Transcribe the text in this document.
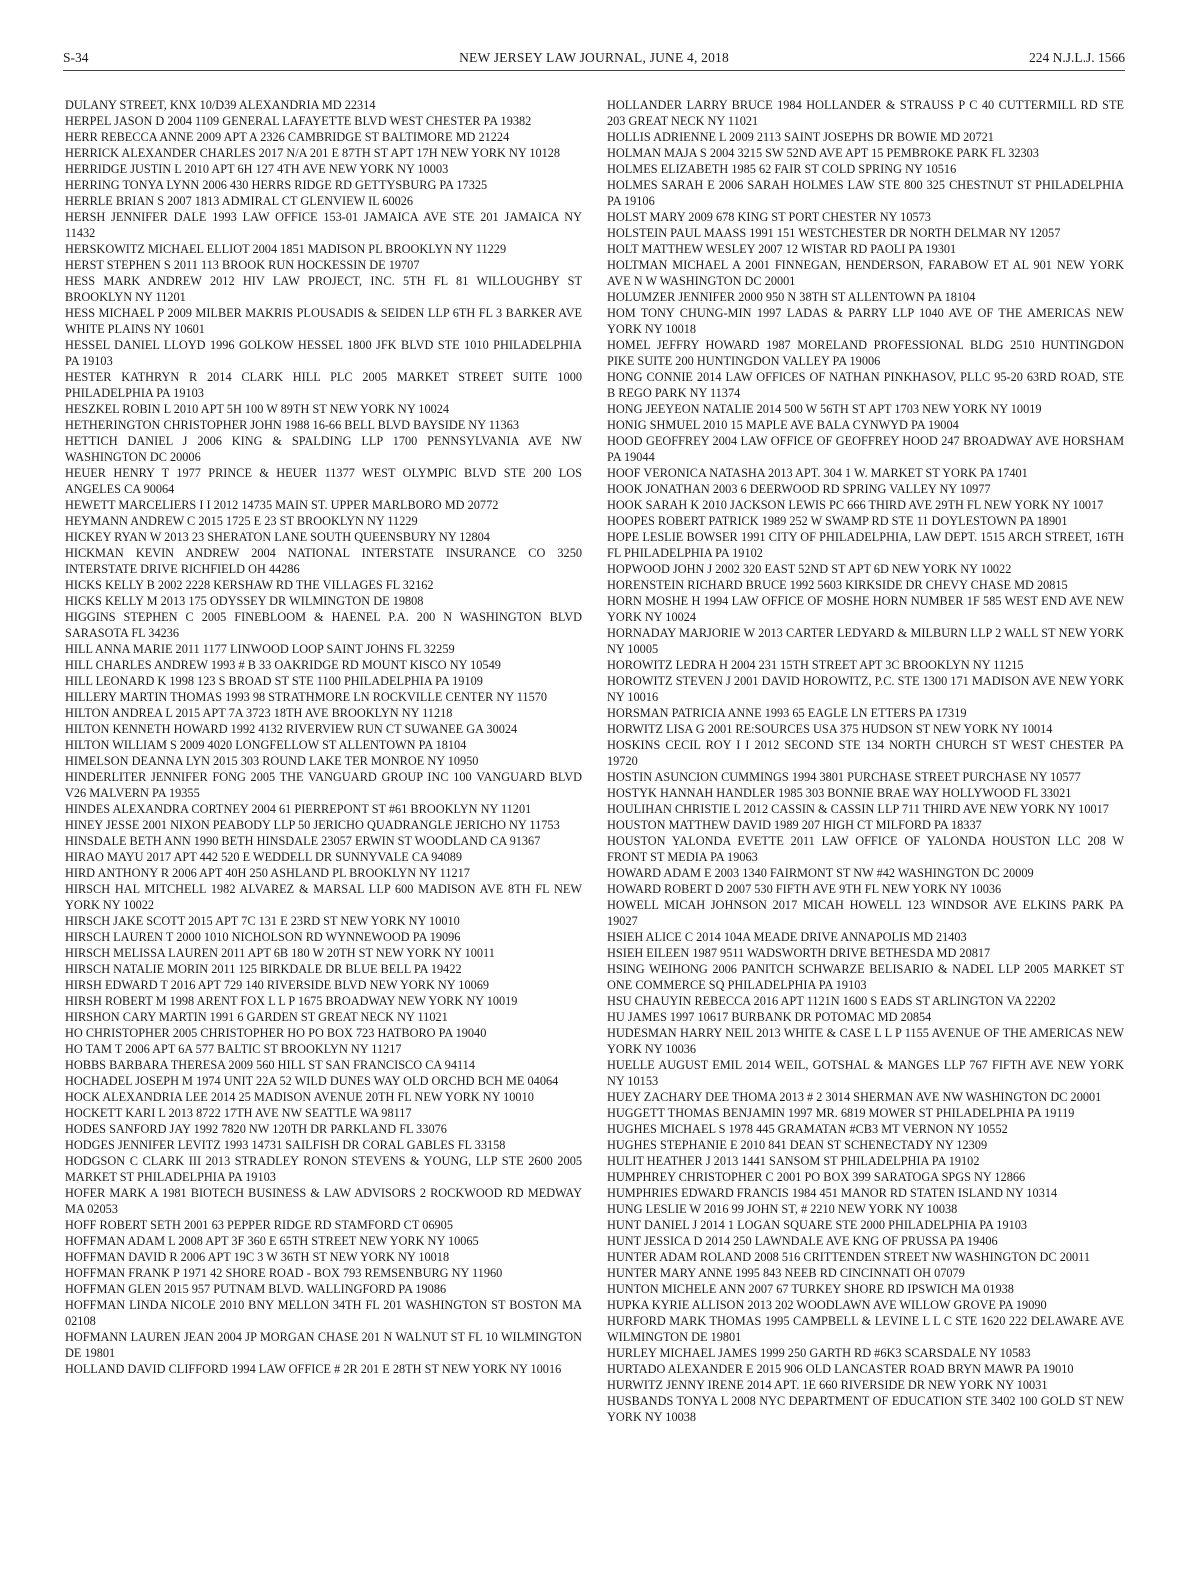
S-34	NEW JERSEY LAW JOURNAL, JUNE 4, 2018	224 N.J.L.J. 1566
DULANY STREET, KNX 10/D39 ALEXANDRIA MD 22314
HERPEL JASON D 2004 1109 GENERAL LAFAYETTE BLVD WEST CHESTER PA 19382
HERR REBECCA ANNE 2009 APT A 2326 CAMBRIDGE ST BALTIMORE MD 21224
HERRICK ALEXANDER CHARLES 2017 N/A 201 E 87TH ST APT 17H NEW YORK NY 10128
HERRIDGE JUSTIN L 2010 APT 6H 127 4TH AVE NEW YORK NY 10003
HERRING TONYA LYNN 2006 430 HERRS RIDGE RD GETTYSBURG PA 17325
HERRLE BRIAN S 2007 1813 ADMIRAL CT GLENVIEW IL 60026
HERSH JENNIFER DALE 1993 LAW OFFICE 153-01 JAMAICA AVE STE 201 JAMAICA NY 11432
HERSKOWITZ MICHAEL ELLIOT 2004 1851 MADISON PL BROOKLYN NY 11229
HERST STEPHEN S 2011 113 BROOK RUN HOCKESSIN DE 19707
HESS MARK ANDREW 2012 HIV LAW PROJECT, INC. 5TH FL 81 WILLOUGHBY ST BROOKLYN NY 11201
HESS MICHAEL P 2009 MILBER MAKRIS PLOUSADIS & SEIDEN LLP 6TH FL 3 BARKER AVE WHITE PLAINS NY 10601
HESSEL DANIEL LLOYD 1996 GOLKOW HESSEL 1800 JFK BLVD STE 1010 PHILADELPHIA PA 19103
HESTER KATHRYN R 2014 CLARK HILL PLC 2005 MARKET STREET SUITE 1000 PHILADELPHIA PA 19103
HESZKEL ROBIN L 2010 APT 5H 100 W 89TH ST NEW YORK NY 10024
HETHERINGTON CHRISTOPHER JOHN 1988 16-66 BELL BLVD BAYSIDE NY 11363
HETTICH DANIEL J 2006 KING & SPALDING LLP 1700 PENNSYLVANIA AVE NW WASHINGTON DC 20006
HEUER HENRY T 1977 PRINCE & HEUER 11377 WEST OLYMPIC BLVD STE 200 LOS ANGELES CA 90064
HEWETT MARCELIERS I I 2012 14735 MAIN ST. UPPER MARLBORO MD 20772
HEYMANN ANDREW C 2015 1725 E 23 ST BROOKLYN NY 11229
HICKEY RYAN W 2013 23 SHERATON LANE SOUTH QUEENSBURY NY 12804
HICKMAN KEVIN ANDREW 2004 NATIONAL INTERSTATE INSURANCE CO 3250 INTERSTATE DRIVE RICHFIELD OH 44286
HICKS KELLY B 2002 2228 KERSHAW RD THE VILLAGES FL 32162
HICKS KELLY M 2013 175 ODYSSEY DR WILMINGTON DE 19808
HIGGINS STEPHEN C 2005 FINEBLOOM & HAENEL P.A. 200 N WASHINGTON BLVD SARASOTA FL 34236
HILL ANNA MARIE 2011 1177 LINWOOD LOOP SAINT JOHNS FL 32259
HILL CHARLES ANDREW 1993 # B 33 OAKRIDGE RD MOUNT KISCO NY 10549
HILL LEONARD K 1998 123 S BROAD ST STE 1100 PHILADELPHIA PA 19109
HILLERY MARTIN THOMAS 1993 98 STRATHMORE LN ROCKVILLE CENTER NY 11570
HILTON ANDREA L 2015 APT 7A 3723 18TH AVE BROOKLYN NY 11218
HILTON KENNETH HOWARD 1992 4132 RIVERVIEW RUN CT SUWANEE GA 30024
HILTON WILLIAM S 2009 4020 LONGFELLOW ST ALLENTOWN PA 18104
HIMELSON DEANNA LYN 2015 303 ROUND LAKE TER MONROE NY 10950
HINDERLITER JENNIFER FONG 2005 THE VANGUARD GROUP INC 100 VANGUARD BLVD V26 MALVERN PA 19355
HINDES ALEXANDRA CORTNEY 2004 61 PIERREPONT ST #61 BROOKLYN NY 11201
HINEY JESSE 2001 NIXON PEABODY LLP 50 JERICHO QUADRANGLE JERICHO NY 11753
HINSDALE BETH ANN 1990 BETH HINSDALE 23057 ERWIN ST WOODLAND CA 91367
HIRAO MAYU 2017 APT 442 520 E WEDDELL DR SUNNYVALE CA 94089
HIRD ANTHONY R 2006 APT 40H 250 ASHLAND PL BROOKLYN NY 11217
HIRSCH HAL MITCHELL 1982 ALVAREZ & MARSAL LLP 600 MADISON AVE 8TH FL NEW YORK NY 10022
HIRSCH JAKE SCOTT 2015 APT 7C 131 E 23RD ST NEW YORK NY 10010
HIRSCH LAUREN T 2000 1010 NICHOLSON RD WYNNEWOOD PA 19096
HIRSCH MELISSA LAUREN 2011 APT 6B 180 W 20TH ST NEW YORK NY 10011
HIRSCH NATALIE MORIN 2011 125 BIRKDALE DR BLUE BELL PA 19422
HIRSH EDWARD T 2016 APT 729 140 RIVERSIDE BLVD NEW YORK NY 10069
HIRSH ROBERT M 1998 ARENT FOX L L P 1675 BROADWAY NEW YORK NY 10019
HIRSHON CARY MARTIN 1991 6 GARDEN ST GREAT NECK NY 11021
HO CHRISTOPHER 2005 CHRISTOPHER HO PO BOX 723 HATBORO PA 19040
HO TAM T 2006 APT 6A 577 BALTIC ST BROOKLYN NY 11217
HOBBS BARBARA THERESA 2009 560 HILL ST SAN FRANCISCO CA 94114
HOCHADEL JOSEPH M 1974 UNIT 22A 52 WILD DUNES WAY OLD ORCHD BCH ME 04064
HOCK ALEXANDRIA LEE 2014 25 MADISON AVENUE 20TH FL NEW YORK NY 10010
HOCKETT KARI L 2013 8722 17TH AVE NW SEATTLE WA 98117
HODES SANFORD JAY 1992 7820 NW 120TH DR PARKLAND FL 33076
HODGES JENNIFER LEVITZ 1993 14731 SAILFISH DR CORAL GABLES FL 33158
HODGSON C CLARK III 2013 STRADLEY RONON STEVENS & YOUNG, LLP STE 2600 2005 MARKET ST PHILADELPHIA PA 19103
HOFER MARK A 1981 BIOTECH BUSINESS & LAW ADVISORS 2 ROCKWOOD RD MEDWAY MA 02053
HOFF ROBERT SETH 2001 63 PEPPER RIDGE RD STAMFORD CT 06905
HOFFMAN ADAM L 2008 APT 3F 360 E 65TH STREET NEW YORK NY 10065
HOFFMAN DAVID R 2006 APT 19C 3 W 36TH ST NEW YORK NY 10018
HOFFMAN FRANK P 1971 42 SHORE ROAD - BOX 793 REMSENBURG NY 11960
HOFFMAN GLEN 2015 957 PUTNAM BLVD. WALLINGFORD PA 19086
HOFFMAN LINDA NICOLE 2010 BNY MELLON 34TH FL 201 WASHINGTON ST BOSTON MA 02108
HOFMANN LAUREN JEAN 2004 JP MORGAN CHASE 201 N WALNUT ST FL 10 WILMINGTON DE 19801
HOLLAND DAVID CLIFFORD 1994 LAW OFFICE # 2R 201 E 28TH ST NEW YORK NY 10016
HOLLANDER LARRY BRUCE 1984 HOLLANDER & STRAUSS P C 40 CUTTERMILL RD STE 203 GREAT NECK NY 11021
HOLLIS ADRIENNE L 2009 2113 SAINT JOSEPHS DR BOWIE MD 20721
HOLMAN MAJA S 2004 3215 SW 52ND AVE APT 15 PEMBROKE PARK FL 32303
HOLMES ELIZABETH 1985 62 FAIR ST COLD SPRING NY 10516
HOLMES SARAH E 2006 SARAH HOLMES LAW STE 800 325 CHESTNUT ST PHILADELPHIA PA 19106
HOLST MARY 2009 678 KING ST PORT CHESTER NY 10573
HOLSTEIN PAUL MAASS 1991 151 WESTCHESTER DR NORTH DELMAR NY 12057
HOLT MATTHEW WESLEY 2007 12 WISTAR RD PAOLI PA 19301
HOLTMAN MICHAEL A 2001 FINNEGAN, HENDERSON, FARABOW ET AL 901 NEW YORK AVE N W WASHINGTON DC 20001
HOLUMZER JENNIFER 2000 950 N 38TH ST ALLENTOWN PA 18104
HOM TONY CHUNG-MIN 1997 LADAS & PARRY LLP 1040 AVE OF THE AMERICAS NEW YORK NY 10018
HOMEL JEFFRY HOWARD 1987 MORELAND PROFESSIONAL BLDG 2510 HUNTINGDON PIKE SUITE 200 HUNTINGDON VALLEY PA 19006
HONG CONNIE 2014 LAW OFFICES OF NATHAN PINKHASOV, PLLC 95-20 63RD ROAD, STE B REGO PARK NY 11374
HONG JEEYEON NATALIE 2014 500 W 56TH ST APT 1703 NEW YORK NY 10019
HONIG SHMUEL 2010 15 MAPLE AVE BALA CYNWYD PA 19004
HOOD GEOFFREY 2004 LAW OFFICE OF GEOFFREY HOOD 247 BROADWAY AVE HORSHAM PA 19044
HOOF VERONICA NATASHA 2013 APT. 304 1 W. MARKET ST YORK PA 17401
HOOK JONATHAN 2003 6 DEERWOOD RD SPRING VALLEY NY 10977
HOOK SARAH K 2010 JACKSON LEWIS PC 666 THIRD AVE 29TH FL NEW YORK NY 10017
HOOPES ROBERT PATRICK 1989 252 W SWAMP RD STE 11 DOYLESTOWN PA 18901
HOPE LESLIE BOWSER 1991 CITY OF PHILADELPHIA, LAW DEPT. 1515 ARCH STREET, 16TH FL PHILADELPHIA PA 19102
HOPWOOD JOHN J 2002 320 EAST 52ND ST APT 6D NEW YORK NY 10022
HORENSTEIN RICHARD BRUCE 1992 5603 KIRKSIDE DR CHEVY CHASE MD 20815
HORN MOSHE H 1994 LAW OFFICE OF MOSHE HORN NUMBER 1F 585 WEST END AVE NEW YORK NY 10024
HORNADAY MARJORIE W 2013 CARTER LEDYARD & MILBURN LLP 2 WALL ST NEW YORK NY 10005
HOROWITZ LEDRA H 2004 231 15TH STREET APT 3C BROOKLYN NY 11215
HOROWITZ STEVEN J 2001 DAVID HOROWITZ, P.C. STE 1300 171 MADISON AVE NEW YORK NY 10016
HORSMAN PATRICIA ANNE 1993 65 EAGLE LN ETTERS PA 17319
HORWITZ LISA G 2001 RE:SOURCES USA 375 HUDSON ST NEW YORK NY 10014
HOSKINS CECIL ROY I I 2012 SECOND STE 134 NORTH CHURCH ST WEST CHESTER PA 19720
HOSTIN ASUNCION CUMMINGS 1994 3801 PURCHASE STREET PURCHASE NY 10577
HOSTYK HANNAH HANDLER 1985 303 BONNIE BRAE WAY HOLLYWOOD FL 33021
HOULIHAN CHRISTIE L 2012 CASSIN & CASSIN LLP 711 THIRD AVE NEW YORK NY 10017
HOUSTON MATTHEW DAVID 1989 207 HIGH CT MILFORD PA 18337
HOUSTON YALONDA EVETTE 2011 LAW OFFICE OF YALONDA HOUSTON LLC 208 W FRONT ST MEDIA PA 19063
HOWARD ADAM E 2003 1340 FAIRMONT ST NW #42 WASHINGTON DC 20009
HOWARD ROBERT D 2007 530 FIFTH AVE 9TH FL NEW YORK NY 10036
HOWELL MICAH JOHNSON 2017 MICAH HOWELL 123 WINDSOR AVE ELKINS PARK PA 19027
HSIEH ALICE C 2014 104A MEADE DRIVE ANNAPOLIS MD 21403
HSIEH EILEEN 1987 9511 WADSWORTH DRIVE BETHESDA MD 20817
HSING WEIHONG 2006 PANITCH SCHWARZE BELISARIO & NADEL LLP 2005 MARKET ST ONE COMMERCE SQ PHILADELPHIA PA 19103
HSU CHAUYIN REBECCA 2016 APT 1121N 1600 S EADS ST ARLINGTON VA 22202
HU JAMES 1997 10617 BURBANK DR POTOMAC MD 20854
HUDESMAN HARRY NEIL 2013 WHITE & CASE L L P 1155 AVENUE OF THE AMERICAS NEW YORK NY 10036
HUELLE AUGUST EMIL 2014 WEIL, GOTSHAL & MANGES LLP 767 FIFTH AVE NEW YORK NY 10153
HUEY ZACHARY DEE THOMA 2013 # 2 3014 SHERMAN AVE NW WASHINGTON DC 20001
HUGGETT THOMAS BENJAMIN 1997 MR. 6819 MOWER ST PHILADELPHIA PA 19119
HUGHES MICHAEL S 1978 445 GRAMATAN #CB3 MT VERNON NY 10552
HUGHES STEPHANIE E 2010 841 DEAN ST SCHENECTADY NY 12309
HULIT HEATHER J 2013 1441 SANSOM ST PHILADELPHIA PA 19102
HUMPHREY CHRISTOPHER C 2001 PO BOX 399 SARATOGA SPGS NY 12866
HUMPHRIES EDWARD FRANCIS 1984 451 MANOR RD STATEN ISLAND NY 10314
HUNG LESLIE W 2016 99 JOHN ST, # 2210 NEW YORK NY 10038
HUNT DANIEL J 2014 1 LOGAN SQUARE STE 2000 PHILADELPHIA PA 19103
HUNT JESSICA D 2014 250 LAWNDALE AVE KNG OF PRUSSA PA 19406
HUNTER ADAM ROLAND 2008 516 CRITTENDEN STREET NW WASHINGTON DC 20011
HUNTER MARY ANNE 1995 843 NEEB RD CINCINNATI OH 07079
HUNTON MICHELE ANN 2007 67 TURKEY SHORE RD IPSWICH MA 01938
HUPKA KYRIE ALLISON 2013 202 WOODLAWN AVE WILLOW GROVE PA 19090
HURFORD MARK THOMAS 1995 CAMPBELL & LEVINE L L C STE 1620 222 DELAWARE AVE WILMINGTON DE 19801
HURLEY MICHAEL JAMES 1999 250 GARTH RD #6K3 SCARSDALE NY 10583
HURTADO ALEXANDER E 2015 906 OLD LANCASTER ROAD BRYN MAWR PA 19010
HURWITZ JENNY IRENE 2014 APT. 1E 660 RIVERSIDE DR NEW YORK NY 10031
HUSBANDS TONYA L 2008 NYC DEPARTMENT OF EDUCATION STE 3402 100 GOLD ST NEW YORK NY 10038
